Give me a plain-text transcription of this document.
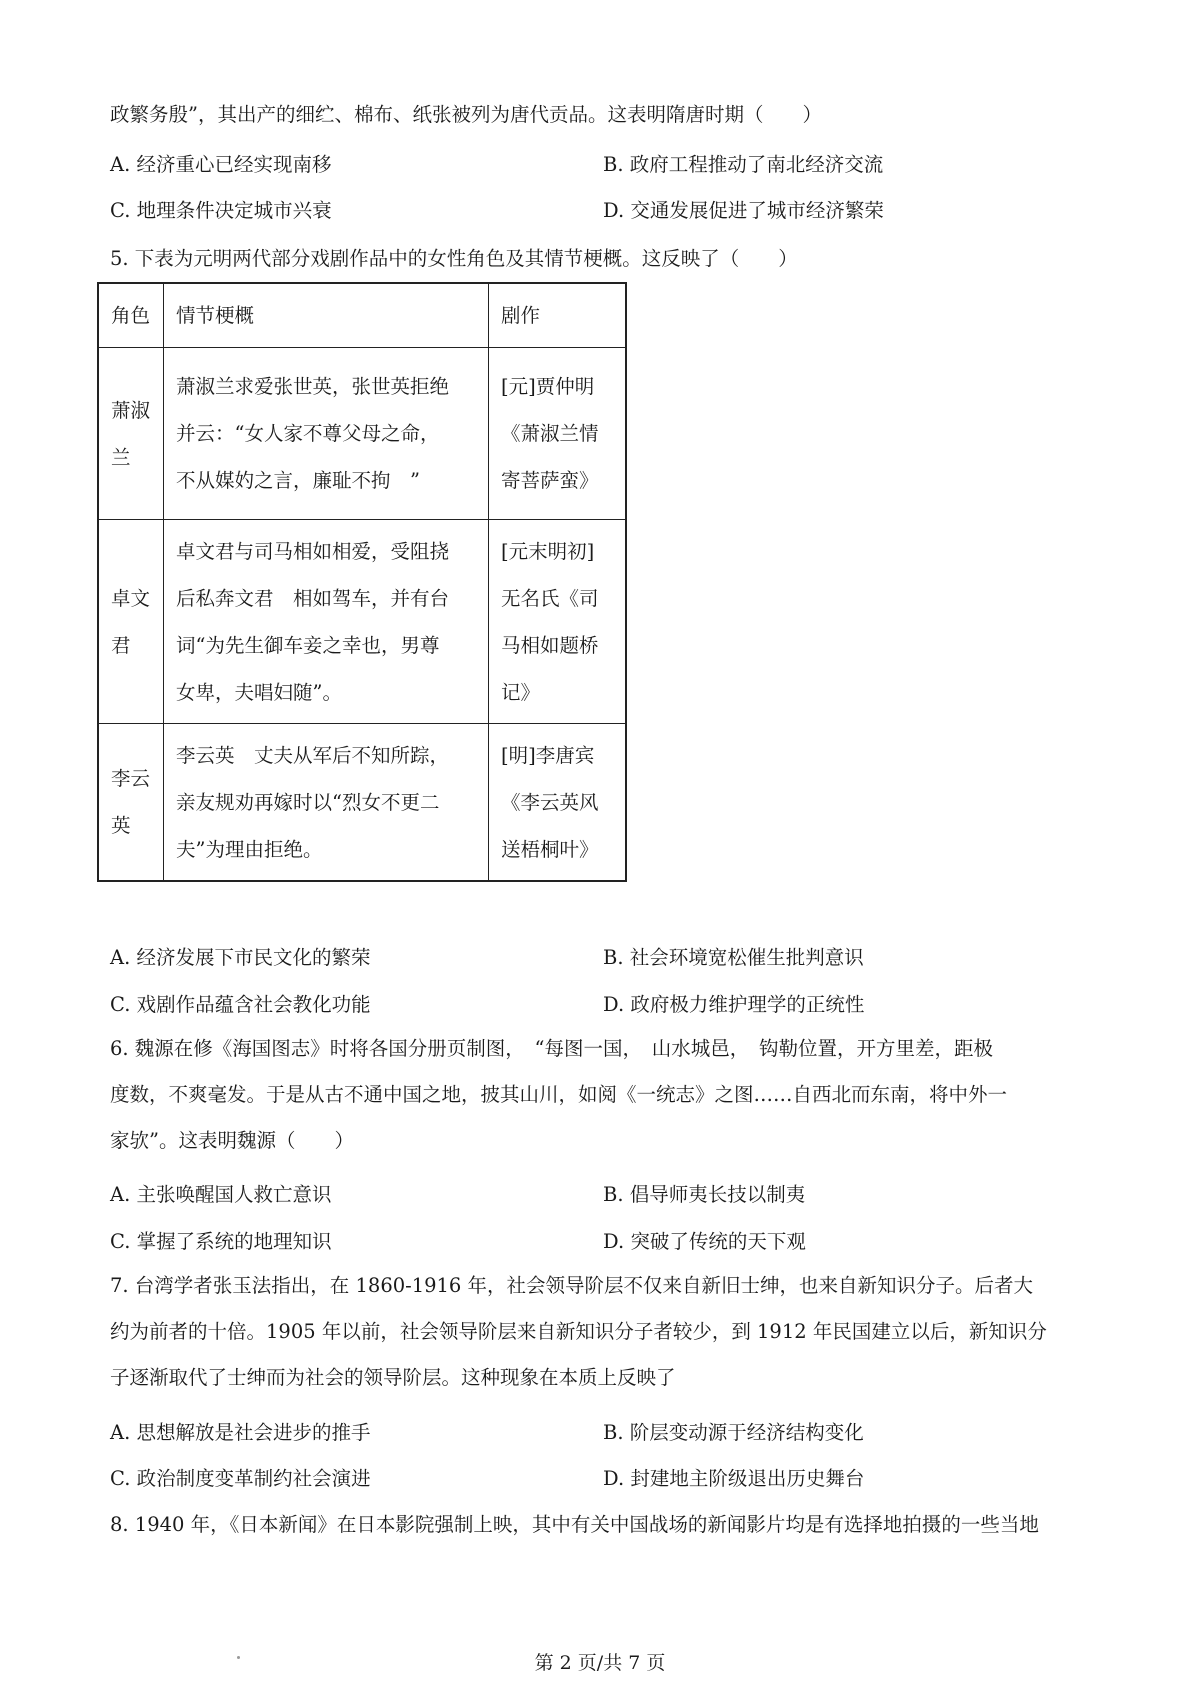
政繁务殷”，其出产的细纻、棉布、纸张被列为唐代贡品。这表明隋唐时期（　　）
A. 经济重心已经实现南移	B. 政府工程推动了南北经济交流
C. 地理条件决定城市兴衰	D. 交通发展促进了城市经济繁荣
5. 下表为元明两代部分戏剧作品中的女性角色及其情节梗概。这反映了（　　）
角色	情节梗概	剧作

萧淑
兰	萧淑兰求爱张世英，张世英拒绝
并云：“女人家不尊父母之命，
不从媒妁之言，廉耻不拘　”	[元]贾仲明
《萧淑兰情
寄菩萨蛮》

卓文
君	卓文君与司马相如相爱，受阻挠
后私奔文君　相如驾车，并有台
词“为先生御车妾之幸也，男尊
女卑，夫唱妇随”。	[元末明初]
无名氏《司
马相如题桥
记》

李云
英	李云英　丈夫从军后不知所踪，
亲友规劝再嫁时以“烈女不更二
夫”为理由拒绝。	[明]李唐宾
《李云英风
送梧桐叶》
A. 经济发展下市民文化的繁荣	B. 社会环境宽松催生批判意识
C. 戏剧作品蕴含社会教化功能	D. 政府极力维护理学的正统性
6. 魏源在修《海国图志》时将各国分册页制图，　“每图一国，　山水城邑，　钩勒位置，开方里差，距极
度数，不爽毫发。于是从古不通中国之地，披其山川，如阅《一统志》之图……自西北而东南，将中外一
家欤”。这表明魏源（　　）
A. 主张唤醒国人救亡意识	B. 倡导师夷长技以制夷
C. 掌握了系统的地理知识	D. 突破了传统的天下观
7. 台湾学者张玉法指出，在 1860-1916 年，社会领导阶层不仅来自新旧士绅，也来自新知识分子。后者大
约为前者的十倍。1905 年以前，社会领导阶层来自新知识分子者较少，到 1912 年民国建立以后，新知识分
子逐渐取代了士绅而为社会的领导阶层。这种现象在本质上反映了
A. 思想解放是社会进步的推手	B. 阶层变动源于经济结构变化
C. 政治制度变革制约社会演进	D. 封建地主阶级退出历史舞台
8. 1940 年，《日本新闻》在日本影院强制上映，其中有关中国战场的新闻影片均是有选择地拍摄的一些当地
第 2 页/共 7 页
